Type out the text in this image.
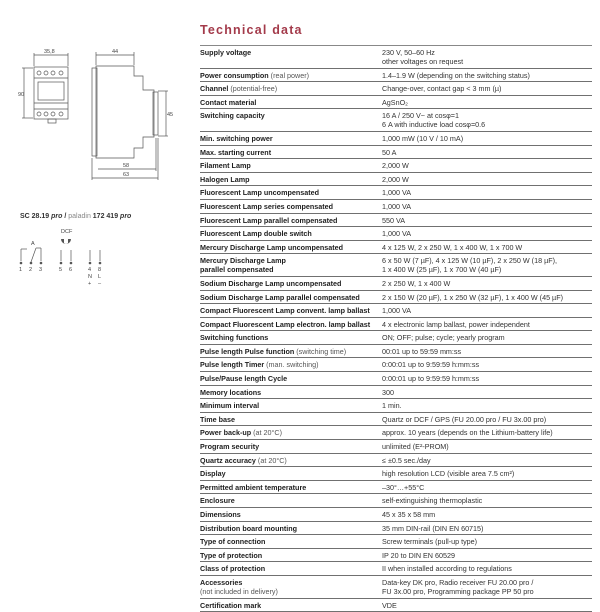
Technical data
35,8
90
44
45
58
63
A
DCF
1 2 3	5 6	4 8
N L
+ –
SC 28.19 pro / paladin 172 419 pro
Supply voltage	230 V, 50–60 Hz
other voltages on request
Power consumption (real power)	1.4–1.9 W (depending on the switching status)
Channel (potential-free)	Change-over, contact gap < 3 mm (µ)
Contact material	AgSnO₂
Switching capacity	16 A / 250 V~ at cosφ=1
6 A with inductive load cosφ=0.6
Min. switching power	1,000 mW (10 V / 10 mA)
Max. starting current	50 A
Filament Lamp	2,000 W
Halogen Lamp	2,000 W
Fluorescent Lamp uncompensated	1,000 VA
Fluorescent Lamp series compensated	1,000 VA
Fluorescent Lamp parallel compensated	550 VA
Fluorescent Lamp double switch	1,000 VA
Mercury Discharge Lamp uncompensated	4 x 125 W, 2 x 250 W, 1 x 400 W, 1 x 700 W
Mercury Discharge Lamp
parallel compensated
6 x 50 W (7 µF), 4 x 125 W (10 µF), 2 x 250 W (18 µF),
1 x 400 W (25 µF), 1 x 700 W (40 µF)
Sodium Discharge Lamp uncompensated	2 x 250 W, 1 x 400 W
Sodium Discharge Lamp parallel compensated	2 x 150 W (20 µF), 1 x 250 W (32 µF), 1 x 400 W (45 µF)
Compact Fluorescent Lamp convent. lamp ballast	1,000 VA
Compact Fluorescent Lamp electron. lamp ballast	4 x electronic lamp ballast, power independent
Switching functions	ON; OFF; pulse; cycle; yearly program
Pulse length Pulse function (switching time)	00:01 up to 59:59 mm:ss
Pulse length Timer (man. switching)	0:00:01 up to 9:59:59 h:mm:ss
Pulse/Pause length Cycle	0:00:01 up to 9:59:59 h:mm:ss
Memory locations	300
Minimum interval	1 min.
Time base	Quartz or DCF / GPS (FU 20.00 pro / FU 3x.00 pro)
Power back-up (at 20°C)	approx. 10 years (depends on the Lithium-battery life)
Program security	unlimited (E²-PROM)
Quartz accuracy (at 20°C)	≤ ±0.5 sec./day
Display	high resolution LCD (visible area 7.5 cm²)
Permitted ambient temperature	–30°…+55°C
Enclosure	self-extinguishing thermoplastic
Dimensions	45 x 35 x 58 mm
Distribution board mounting	35 mm DIN-rail (DIN EN 60715)
Type of connection	Screw terminals (pull-up type)
Type of protection	IP 20 to DIN EN 60529
Class of protection	II when installed according to regulations
Accessories
(not included in delivery)
Data-key DK pro, Radio receiver FU 20.00 pro /
FU 3x.00 pro, Programming package PP 50 pro
Certification mark	VDE
